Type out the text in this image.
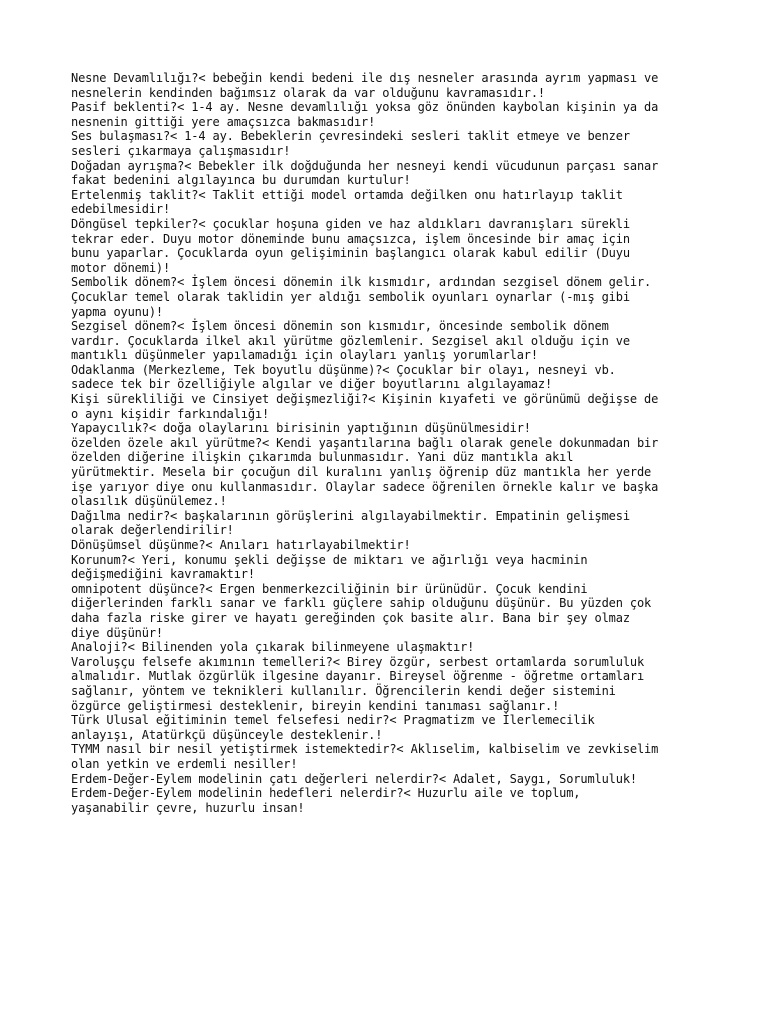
Nesne Devamlılığı?< bebeğin kendi bedeni ile dış nesneler arasında ayrım yapması ve
nesnelerin kendinden bağımsız olarak da var olduğunu kavramasıdır.!
Pasif beklenti?< 1-4 ay. Nesne devamlılığı yoksa göz önünden kaybolan kişinin ya da
nesnenin gittiği yere amaçsızca bakmasıdır!
Ses bulaşması?< 1-4 ay. Bebeklerin çevresindeki sesleri taklit etmeye ve benzer
sesleri çıkarmaya çalışmasıdır!
Doğadan ayrışma?< Bebekler ilk doğduğunda her nesneyi kendi vücudunun parçası sanar
fakat bedenini algılayınca bu durumdan kurtulur!
Ertelenmiş taklit?< Taklit ettiği model ortamda değilken onu hatırlayıp taklit
edebilmesidir!
Döngüsel tepkiler?< çocuklar hoşuna giden ve haz aldıkları davranışları sürekli
tekrar eder. Duyu motor döneminde bunu amaçsızca, işlem öncesinde bir amaç için
bunu yaparlar. Çocuklarda oyun gelişiminin başlangıcı olarak kabul edilir (Duyu
motor dönemi)!
Sembolik dönem?< İşlem öncesi dönemin ilk kısmıdır, ardından sezgisel dönem gelir.
Çocuklar temel olarak taklidin yer aldığı sembolik oyunları oynarlar (-mış gibi
yapma oyunu)!
Sezgisel dönem?< İşlem öncesi dönemin son kısmıdır, öncesinde sembolik dönem
vardır. Çocuklarda ilkel akıl yürütme gözlemlenir. Sezgisel akıl olduğu için ve
mantıklı düşünmeler yapılamadığı için olayları yanlış yorumlarlar!
Odaklanma (Merkezleme, Tek boyutlu düşünme)?< Çocuklar bir olayı, nesneyi vb.
sadece tek bir özelliğiyle algılar ve diğer boyutlarını algılayamaz!
Kişi sürekliliği ve Cinsiyet değişmezliği?< Kişinin kıyafeti ve görünümü değişse de
o aynı kişidir farkındalığı!
Yapaycılık?< doğa olaylarını birisinin yaptığının düşünülmesidir!
özelden özele akıl yürütme?< Kendi yaşantılarına bağlı olarak genele dokunmadan bir
özelden diğerine ilişkin çıkarımda bulunmasıdır. Yani düz mantıkla akıl
yürütmektir. Mesela bir çocuğun dil kuralını yanlış öğrenip düz mantıkla her yerde
işe yarıyor diye onu kullanmasıdır. Olaylar sadece öğrenilen örnekle kalır ve başka
olasılık düşünülemez.!
Dağılma nedir?< başkalarının görüşlerini algılayabilmektir. Empatinin gelişmesi
olarak değerlendirilir!
Dönüşümsel düşünme?< Anıları hatırlayabilmektir!
Korunum?< Yeri, konumu şekli değişse de miktarı ve ağırlığı veya hacminin
değişmediğini kavramaktır!
omnipotent düşünce?< Ergen benmerkezciliğinin bir ürünüdür. Çocuk kendini
diğerlerinden farklı sanar ve farklı güçlere sahip olduğunu düşünür. Bu yüzden çok
daha fazla riske girer ve hayatı gereğinden çok basite alır. Bana bir şey olmaz
diye düşünür!
Analoji?< Bilinenden yola çıkarak bilinmeyene ulaşmaktır!
Varoluşçu felsefe akımının temelleri?< Birey özgür, serbest ortamlarda sorumluluk
almalıdır. Mutlak özgürlük ilgesine dayanır. Bireysel öğrenme - öğretme ortamları
sağlanır, yöntem ve teknikleri kullanılır. Öğrencilerin kendi değer sistemini
özgürce geliştirmesi desteklenir, bireyin kendini tanıması sağlanır.!
Türk Ulusal eğitiminin temel felsefesi nedir?< Pragmatizm ve İlerlemecilik
anlayışı, Atatürkçü düşünceyle desteklenir.!
TYMM nasıl bir nesil yetiştirmek istemektedir?< Aklıselim, kalbiselim ve zevkiselim
olan yetkin ve erdemli nesiller!
Erdem-Değer-Eylem modelinin çatı değerleri nelerdir?< Adalet, Saygı, Sorumluluk!
Erdem-Değer-Eylem modelinin hedefleri nelerdir?< Huzurlu aile ve toplum,
yaşanabilir çevre, huzurlu insan!
